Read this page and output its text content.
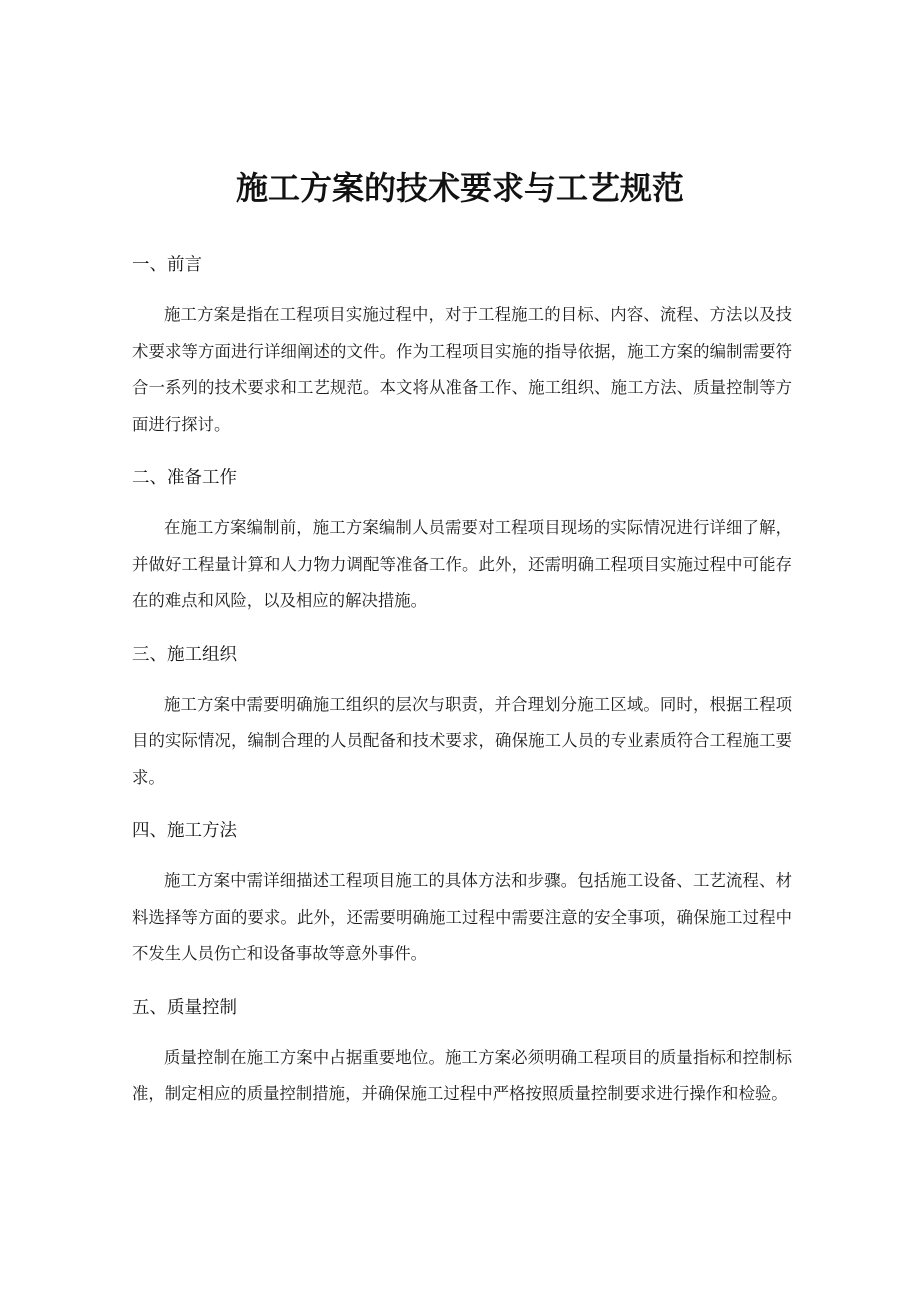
施工方案的技术要求与工艺规范
一、前言

施工方案是指在工程项目实施过程中，对于工程施工的目标、内容、流程、方法以及技术要求等方面进行详细阐述的文件。作为工程项目实施的指导依据，施工方案的编制需要符合一系列的技术要求和工艺规范。本文将从准备工作、施工组织、施工方法、质量控制等方面进行探讨。

二、准备工作

在施工方案编制前，施工方案编制人员需要对工程项目现场的实际情况进行详细了解，并做好工程量计算和人力物力调配等准备工作。此外，还需明确工程项目实施过程中可能存在的难点和风险，以及相应的解决措施。

三、施工组织

施工方案中需要明确施工组织的层次与职责，并合理划分施工区域。同时，根据工程项目的实际情况，编制合理的人员配备和技术要求，确保施工人员的专业素质符合工程施工要求。

四、施工方法

施工方案中需详细描述工程项目施工的具体方法和步骤。包括施工设备、工艺流程、材料选择等方面的要求。此外，还需要明确施工过程中需要注意的安全事项，确保施工过程中不发生人员伤亡和设备事故等意外事件。

五、质量控制

质量控制在施工方案中占据重要地位。施工方案必须明确工程项目的质量指标和控制标准，制定相应的质量控制措施，并确保施工过程中严格按照质量控制要求进行操作和检验。
